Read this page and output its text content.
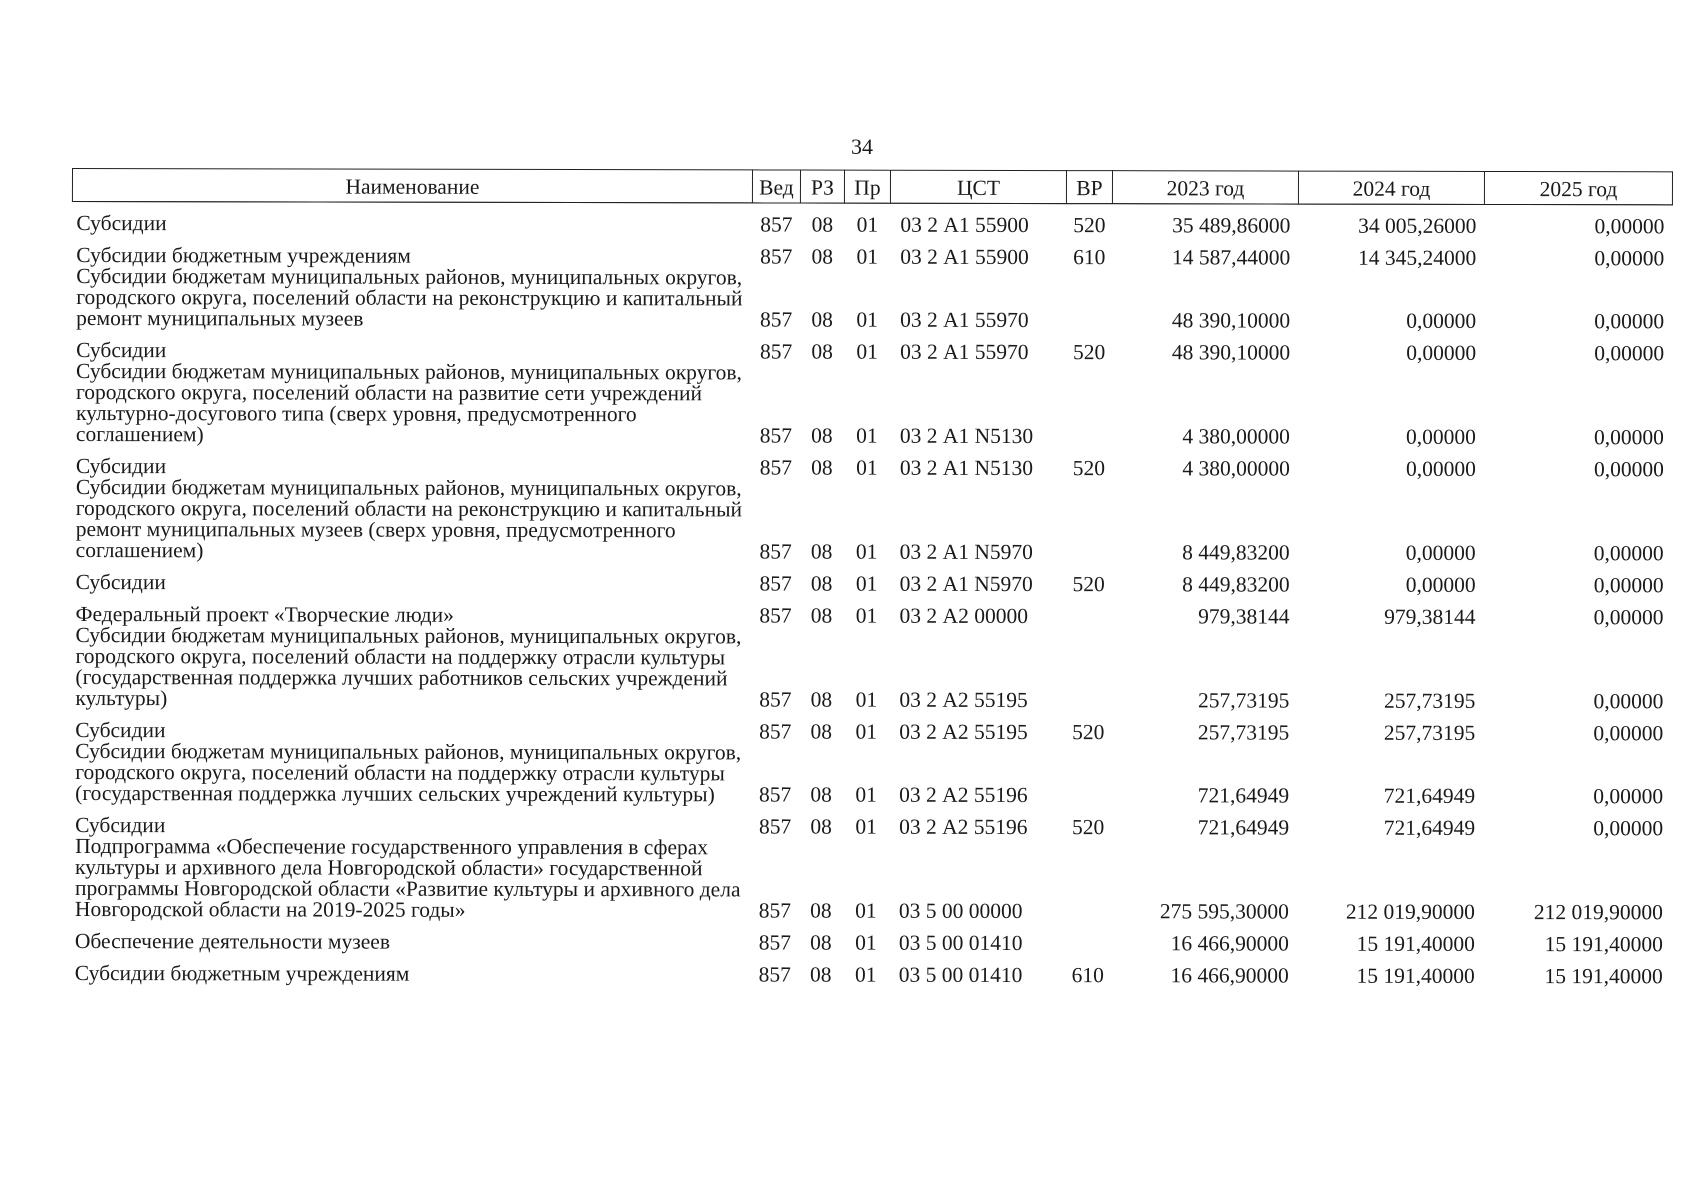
34
Наименование	Вед	РЗ	Пр	ЦСТ	ВР	2023 год	2024 год	2025 год
Субсидии	857	08	01	03 2 А1 55900	520	35 489,86000	34 005,26000	0,00000
Субсидии бюджетным учреждениям	857	08	01	03 2 А1 55900	610	14 587,44000	14 345,24000	0,00000
Субсидии бюджетам муниципальных районов, муниципальных округов, городского округа, поселений области на реконструкцию и капитальный ремонт муниципальных музеев	857	08	01	03 2 А1 55970		48 390,10000	0,00000	0,00000
Субсидии	857	08	01	03 2 А1 55970	520	48 390,10000	0,00000	0,00000
Субсидии бюджетам муниципальных районов, муниципальных округов, городского округа, поселений области на развитие сети учреждений культурно-досугового типа (сверх уровня, предусмотренного соглашением)	857	08	01	03 2 А1 N5130		4 380,00000	0,00000	0,00000
Субсидии	857	08	01	03 2 А1 N5130	520	4 380,00000	0,00000	0,00000
Субсидии бюджетам муниципальных районов, муниципальных округов, городского округа, поселений области на реконструкцию и капитальный ремонт муниципальных музеев (сверх уровня, предусмотренного соглашением)	857	08	01	03 2 А1 N5970		8 449,83200	0,00000	0,00000
Субсидии	857	08	01	03 2 А1 N5970	520	8 449,83200	0,00000	0,00000
Федеральный проект «Творческие люди»	857	08	01	03 2 А2 00000		979,38144	979,38144	0,00000
Субсидии бюджетам муниципальных районов, муниципальных округов, городского округа, поселений области на поддержку отрасли культуры (государственная поддержка лучших работников сельских учреждений культуры)	857	08	01	03 2 А2 55195		257,73195	257,73195	0,00000
Субсидии	857	08	01	03 2 А2 55195	520	257,73195	257,73195	0,00000
Субсидии бюджетам муниципальных районов, муниципальных округов, городского округа, поселений области на поддержку отрасли культуры (государственная поддержка лучших сельских учреждений культуры)	857	08	01	03 2 А2 55196		721,64949	721,64949	0,00000
Субсидии	857	08	01	03 2 А2 55196	520	721,64949	721,64949	0,00000
Подпрограмма «Обеспечение государственного управления в сферах культуры и архивного дела Новгородской области» государственной программы Новгородской области «Развитие культуры и архивного дела Новгородской области на 2019-2025 годы»	857	08	01	03 5 00 00000		275 595,30000	212 019,90000	212 019,90000
Обеспечение деятельности музеев	857	08	01	03 5 00 01410		16 466,90000	15 191,40000	15 191,40000
Субсидии бюджетным учреждениям	857	08	01	03 5 00 01410	610	16 466,90000	15 191,40000	15 191,40000
